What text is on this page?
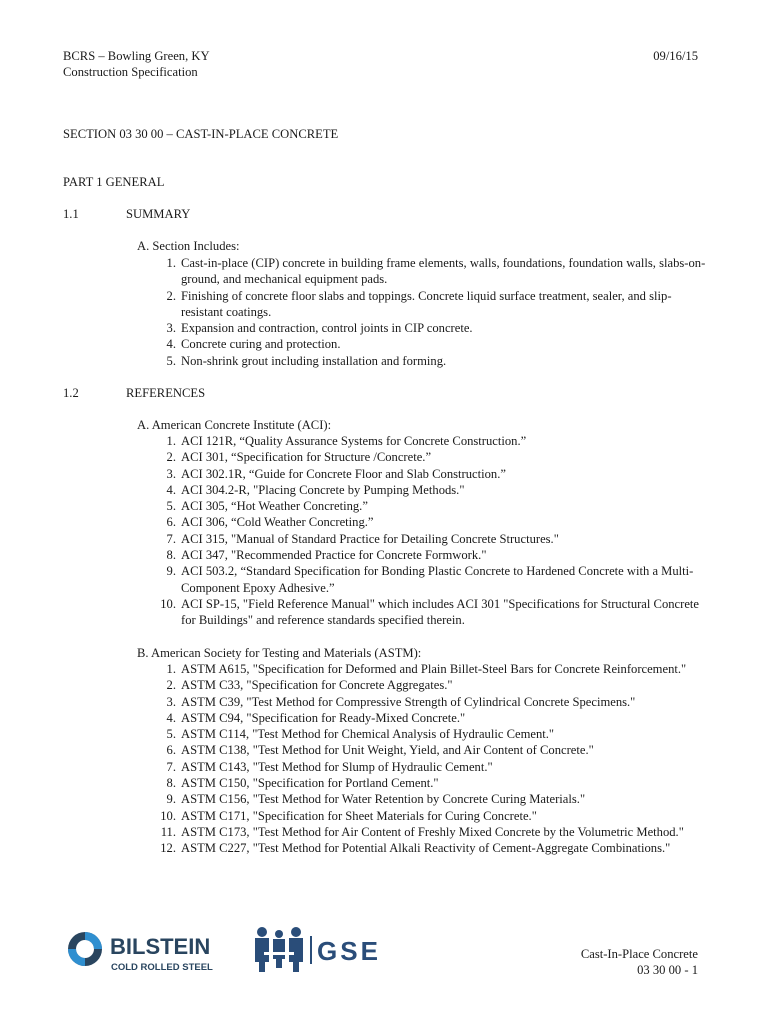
BCRS – Bowling Green, KY
Construction Specification
09/16/15
SECTION 03 30 00 – CAST-IN-PLACE CONCRETE
PART 1 GENERAL
1.1	SUMMARY
A. Section Includes:
1. Cast-in-place (CIP) concrete in building frame elements, walls, foundations, foundation walls, slabs-on-ground, and mechanical equipment pads.
2. Finishing of concrete floor slabs and toppings. Concrete liquid surface treatment, sealer, and slip-resistant coatings.
3. Expansion and contraction, control joints in CIP concrete.
4. Concrete curing and protection.
5. Non-shrink grout including installation and forming.
1.2	REFERENCES
A. American Concrete Institute (ACI):
1. ACI 121R, “Quality Assurance Systems for Concrete Construction.”
2. ACI 301, “Specification for Structure /Concrete.”
3. ACI 302.1R, “Guide for Concrete Floor and Slab Construction.”
4. ACI 304.2-R, "Placing Concrete by Pumping Methods."
5. ACI 305, “Hot Weather Concreting.”
6. ACI 306, “Cold Weather Concreting.”
7. ACI 315, "Manual of Standard Practice for Detailing Concrete Structures."
8. ACI 347, "Recommended Practice for Concrete Formwork."
9. ACI 503.2, “Standard Specification for Bonding Plastic Concrete to Hardened Concrete with a Multi-Component Epoxy Adhesive.”
10. ACI SP-15, "Field Reference Manual" which includes ACI 301 "Specifications for Structural Concrete for Buildings" and reference standards specified therein.
B. American Society for Testing and Materials (ASTM):
1. ASTM A615, "Specification for Deformed and Plain Billet-Steel Bars for Concrete Reinforcement."
2. ASTM C33, "Specification for Concrete Aggregates."
3. ASTM C39, "Test Method for Compressive Strength of Cylindrical Concrete Specimens."
4. ASTM C94, "Specification for Ready-Mixed Concrete."
5. ASTM C114, "Test Method for Chemical Analysis of Hydraulic Cement."
6. ASTM C138, "Test Method for Unit Weight, Yield, and Air Content of Concrete."
7. ASTM C143, "Test Method for Slump of Hydraulic Cement."
8. ASTM C150, "Specification for Portland Cement."
9. ASTM C156, "Test Method for Water Retention by Concrete Curing Materials."
10. ASTM C171, "Specification for Sheet Materials for Curing Concrete."
11. ASTM C173, "Test Method for Air Content of Freshly Mixed Concrete by the Volumetric Method."
12. ASTM C227, "Test Method for Potential Alkali Reactivity of Cement-Aggregate Combinations."
BILSTEIN
COLD ROLLED STEEL
GSE	Cast-In-Place Concrete
03 30 00 - 1
